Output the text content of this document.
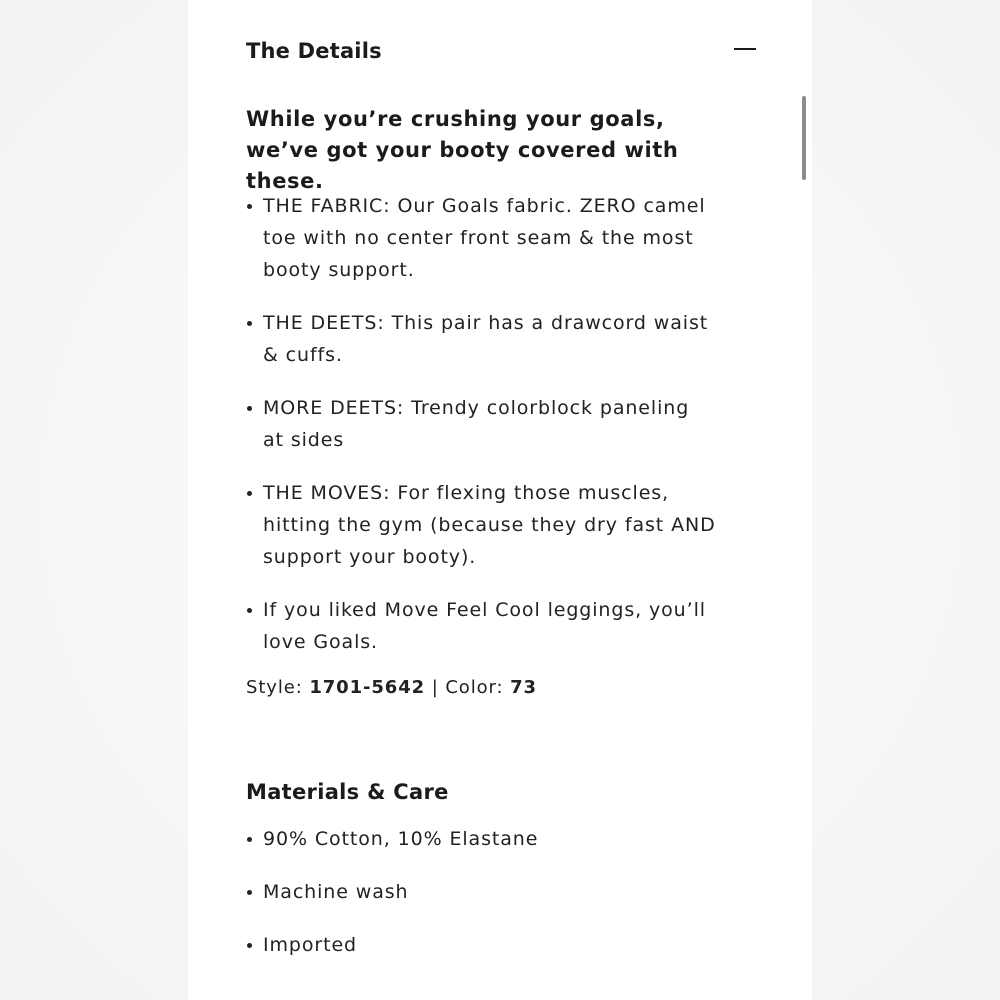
The Details
While you’re crushing your goals, we’ve got your booty covered with these.
THE FABRIC: Our Goals fabric. ZERO camel toe with no center front seam & the most booty support.
THE DEETS: This pair has a drawcord waist & cuffs.
MORE DEETS: Trendy colorblock paneling at sides
THE MOVES: For flexing those muscles, hitting the gym (because they dry fast AND support your booty).
If you liked Move Feel Cool leggings, you’ll love Goals.
Style: 1701-5642 | Color: 73
Materials & Care
90% Cotton, 10% Elastane
Machine wash
Imported
